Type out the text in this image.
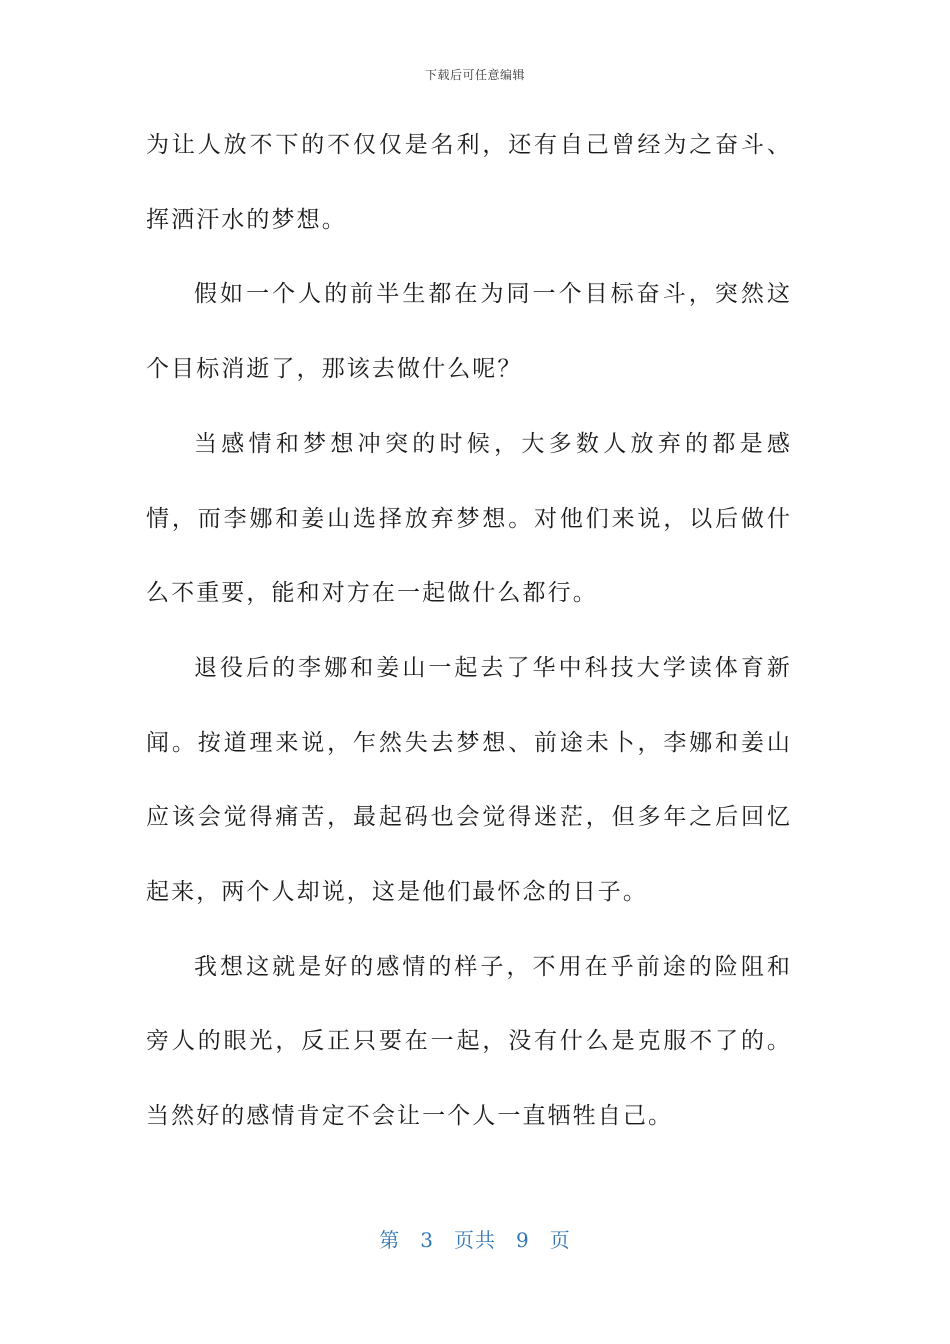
下载后可任意编辑

为让人放不下的不仅仅是名利，还有自己曾经为之奋斗、挥洒汗水的梦想。

假如一个人的前半生都在为同一个目标奋斗，突然这个目标消逝了，那该去做什么呢？

当感情和梦想冲突的时候，大多数人放弃的都是感情，而李娜和姜山选择放弃梦想。对他们来说，以后做什么不重要，能和对方在一起做什么都行。

退役后的李娜和姜山一起去了华中科技大学读体育新闻。按道理来说，乍然失去梦想、前途未卜，李娜和姜山应该会觉得痛苦，最起码也会觉得迷茫，但多年之后回忆起来，两个人却说，这是他们最怀念的日子。

我想这就是好的感情的样子，不用在乎前途的险阻和旁人的眼光，反正只要在一起，没有什么是克服不了的。当然好的感情肯定不会让一个人一直牺牲自己。

第 3 页共 9 页
